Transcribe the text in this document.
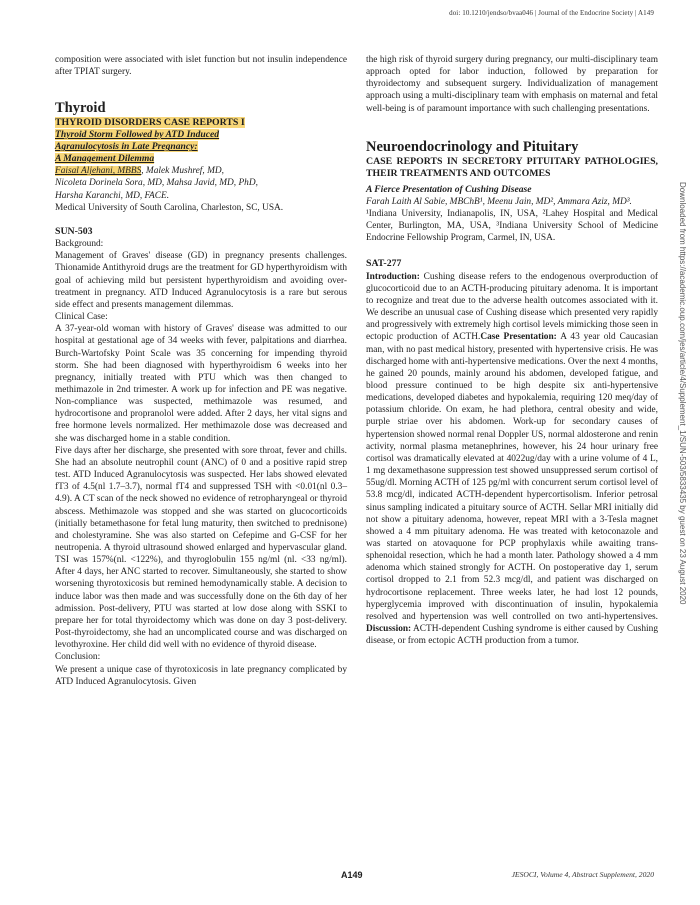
doi: 10.1210/jendso/bvaa046 | Journal of the Endocrine Society | A149

composition were associated with islet function but not insulin independence after TPIAT surgery.

Thyroid
THYROID DISORDERS CASE REPORTS I
Thyroid Storm Followed by ATD Induced
Agranulocytosis in Late Pregnancy:
A Management Dilemma
Faisal Aljehani, MBBS, Malek Mushref, MD,
Nicoleta Dorinela Sora, MD, Mahsa Javid, MD, PhD,
Harsha Karanchi, MD, FACE.
Medical University of South Carolina, Charleston, SC, USA.
SUN-503
Background:

Management of Graves' disease (GD) in pregnancy presents challenges. Thionamide Antithyroid drugs are the treatment for GD hyperthyroidism with goal of achieving mild but persistent hyperthyroidism and avoiding over-treatment in pregnancy. ATD Induced Agranulocytosis is a rare but serous side effect and presents management dilemmas.

Clinical Case:

A 37-year-old woman with history of Graves' disease was admitted to our hospital at gestational age of 34 weeks with fever, palpitations and diarrhea. Burch-Wartofsky Point Scale was 35 concerning for impending thyroid storm. She had been diagnosed with hyperthyroidism 6 weeks into her pregnancy, initially treated with PTU which was then changed to methimazole in 2nd trimester. A work up for infection and PE was negative. Non-compliance was suspected, methimazole was resumed, and hydrocortisone and propranolol were added. After 2 days, her vital signs and free hormone levels normalized. Her methimazole dose was decreased and she was discharged home in a stable condition.

Five days after her discharge, she presented with sore throat, fever and chills. She had an absolute neutrophil count (ANC) of 0 and a positive rapid strep test. ATD Induced Agranulocytosis was suspected. Her labs showed elevated fT3 of 4.5(nl 1.7–3.7), normal fT4 and suppressed TSH with <0.01(nl 0.3–4.9). A CT scan of the neck showed no evidence of retropharyngeal or thyroid abscess. Methimazole was stopped and she was started on glucocorticoids (initially betamethasone for fetal lung maturity, then switched to prednisone) and cholestyramine. She was also started on Cefepime and G-CSF for her neutropenia. A thyroid ultrasound showed enlarged and hypervascular gland. TSI was 157%(nl. <122%), and thyroglobulin 155 ng/ml (nl. <33 ng/ml). After 4 days, her ANC started to recover. Simultaneously, she started to show worsening thyrotoxicosis but remined hemodynamically stable. A decision to induce labor was then made and was successfully done on the 6th day of her admission. Post-delivery, PTU was started at low dose along with SSKI to prepare her for total thyroidectomy which was done on day 3 post-delivery. Post-thyroidectomy, she had an uncomplicated course and was discharged on levothyroxine. Her child did well with no evidence of thyroid disease.

Conclusion:

We present a unique case of thyrotoxicosis in late pregnancy complicated by ATD Induced Agranulocytosis. Given

the high risk of thyroid surgery during pregnancy, our multi-disciplinary team approach opted for labor induction, followed by preparation for thyroidectomy and subsequent surgery. Individualization of management approach using a multi-disciplinary team with emphasis on maternal and fetal well-being is of paramount importance with such challenging presentations.

Neuroendocrinology and Pituitary
CASE REPORTS IN SECRETORY PITUITARY PATHOLOGIES, THEIR TREATMENTS AND OUTCOMES
A Fierce Presentation of Cushing Disease
Farah Laith Al Sabie, MBChB¹, Meenu Jain, MD², Ammara Aziz, MD³.
¹Indiana University, Indianapolis, IN, USA, ²Lahey Hospital and Medical Center, Burlington, MA, USA, ³Indiana University School of Medicine Endocrine Fellowship Program, Carmel, IN, USA.
SAT-277

Introduction: Cushing disease refers to the endogenous overproduction of glucocorticoid due to an ACTH-producing pituitary adenoma. It is important to recognize and treat due to the adverse health outcomes associated with it. We describe an unusual case of Cushing disease which presented very rapidly and progressively with extremely high cortisol levels mimicking those seen in ectopic production of ACTH.Case Presentation: A 43 year old Caucasian man, with no past medical history, presented with hypertensive crisis. He was discharged home with anti-hypertensive medications. Over the next 4 months, he gained 20 pounds, mainly around his abdomen, developed fatigue, and blood pressure continued to be high despite six anti-hypertensive medications, developed diabetes and hypokalemia, requiring 120 meq/day of potassium chloride. On exam, he had plethora, central obesity and wide, purple striae over his abdomen. Work-up for secondary causes of hypertension showed normal renal Doppler US, normal aldosterone and renin activity, normal plasma metanephrines, however, his 24 hour urinary free cortisol was dramatically elevated at 4022ug/day with a urine volume of 4 L, 1 mg dexamethasone suppression test showed unsuppressed serum cortisol of 55ug/dl. Morning ACTH of 125 pg/ml with concurrent serum cortisol level of 53.8 mcg/dl, indicated ACTH-dependent hypercortisolism. Inferior petrosal sinus sampling indicated a pituitary source of ACTH. Sellar MRI initially did not show a pituitary adenoma, however, repeat MRI with a 3-Tesla magnet showed a 4 mm pituitary adenoma. He was treated with ketoconazole and was started on atovaquone for PCP prophylaxis while awaiting trans-sphenoidal resection, which he had a month later. Pathology showed a 4 mm adenoma which stained strongly for ACTH. On postoperative day 1, serum cortisol dropped to 2.1 from 52.3 mcg/dl, and patient was discharged on hydrocortisone replacement. Three weeks later, he had lost 12 pounds, hyperglycemia improved with discontinuation of insulin, hypokalemia resolved and hypertension was well controlled on two anti-hypertensives. Discussion: ACTH-dependent Cushing syndrome is either caused by Cushing disease, or from ectopic ACTH production from a tumor.

Downloaded from https://academic.oup.com/jes/article/4/Supplement_1/SUN-503/5833435 by guest on 23 August 2020
A149	JESOCI, Volume 4, Abstract Supplement, 2020
